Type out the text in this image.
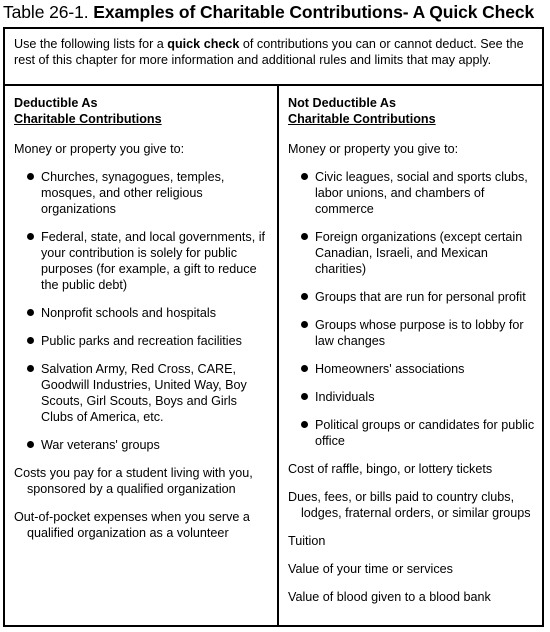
Table 26-1. Examples of Charitable Contributions- A Quick Check
Use the following lists for a quick check of contributions you can or cannot deduct. See the rest of this chapter for more information and additional rules and limits that may apply.
Deductible As
Charitable Contributions
Money or property you give to:
Churches, synagogues, temples, mosques, and other religious organizations
Federal, state, and local governments, if your contribution is solely for public purposes (for example, a gift to reduce the public debt)
Nonprofit schools and hospitals
Public parks and recreation facilities
Salvation Army, Red Cross, CARE, Goodwill Industries, United Way, Boy Scouts, Girl Scouts, Boys and Girls Clubs of America, etc.
War veterans' groups
Costs you pay for a student living with you, sponsored by a qualified organization
Out-of-pocket expenses when you serve a qualified organization as a volunteer
Not Deductible As
Charitable Contributions
Money or property you give to:
Civic leagues, social and sports clubs, labor unions, and chambers of commerce
Foreign organizations (except certain Canadian, Israeli, and Mexican charities)
Groups that are run for personal profit
Groups whose purpose is to lobby for law changes
Homeowners' associations
Individuals
Political groups or candidates for public office
Cost of raffle, bingo, or lottery tickets
Dues, fees, or bills paid to country clubs, lodges, fraternal orders, or similar groups
Tuition
Value of your time or services
Value of blood given to a blood bank
